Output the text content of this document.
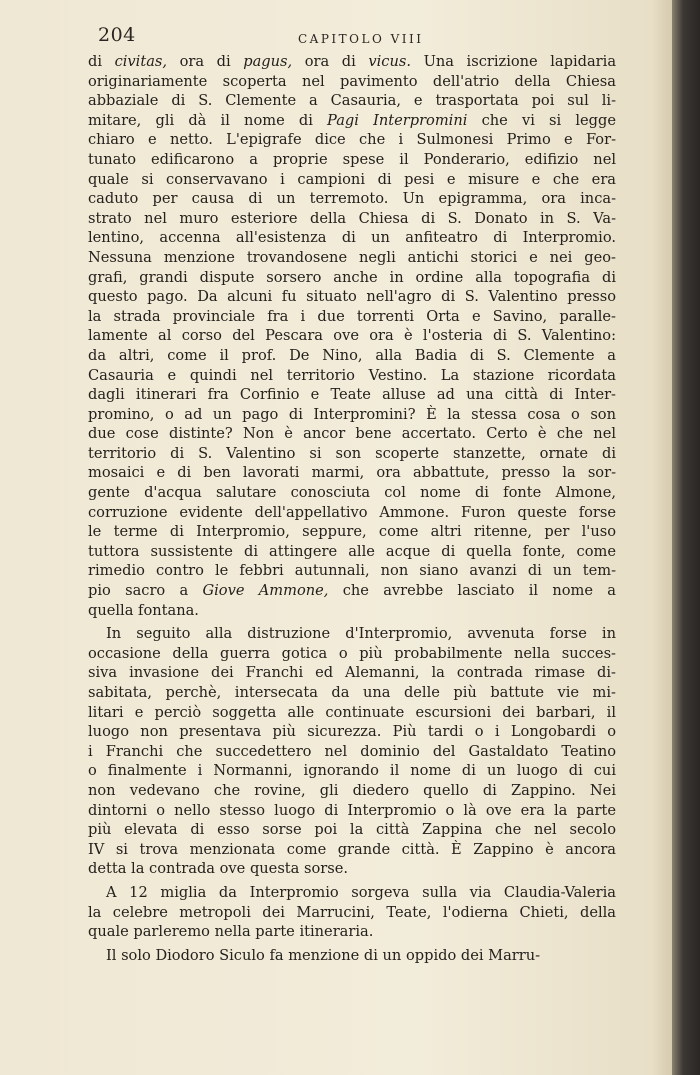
204	CAPITOLO VIII
di civitas, ora di pagus, ora di vicus. Una iscrizione lapidaria
originariamente scoperta nel pavimento dell'atrio della Chiesa
abbaziale di S. Clemente a Casauria, e trasportata poi sul li-
mitare, gli dà il nome di Pagi Interpromini che vi si legge
chiaro e netto. L'epigrafe dice che i Sulmonesi Primo e For-
tunato edificarono a proprie spese il Ponderario, edifizio nel
quale si conservavano i campioni di pesi e misure e che era
caduto per causa di un terremoto. Un epigramma, ora inca-
strato nel muro esteriore della Chiesa di S. Donato in S. Va-
lentino, accenna all'esistenza di un anfiteatro di Interpromio.
Nessuna menzione trovandosene negli antichi storici e nei geo-
grafi, grandi dispute sorsero anche in ordine alla topografia di
questo pago. Da alcuni fu situato nell'agro di S. Valentino presso
la strada provinciale fra i due torrenti Orta e Savino, paralle-
lamente al corso del Pescara ove ora è l'osteria di S. Valentino:
da altri, come il prof. De Nino, alla Badia di S. Clemente a
Casauria e quindi nel territorio Vestino. La stazione ricordata
dagli itinerari fra Corfinio e Teate alluse ad una città di Inter-
promino, o ad un pago di Interpromini? È la stessa cosa o son
due cose distinte? Non è ancor bene accertato. Certo è che nel
territorio di S. Valentino si son scoperte stanzette, ornate di
mosaici e di ben lavorati marmi, ora abbattute, presso la sor-
gente d'acqua salutare conosciuta col nome di fonte Almone,
corruzione evidente dell'appellativo Ammone. Furon queste forse
le terme di Interpromio, seppure, come altri ritenne, per l'uso
tuttora sussistente di attingere alle acque di quella fonte, come
rimedio contro le febbri autunnali, non siano avanzi di un tem-
pio sacro a Giove Ammone, che avrebbe lasciato il nome a
quella fontana.
In seguito alla distruzione d'Interpromio, avvenuta forse in
occasione della guerra gotica o più probabilmente nella succes-
siva invasione dei Franchi ed Alemanni, la contrada rimase di-
sabitata, perchè, intersecata da una delle più battute vie mi-
litari e perciò soggetta alle continuate escursioni dei barbari, il
luogo non presentava più sicurezza. Più tardi o i Longobardi o
i Franchi che succedettero nel dominio del Gastaldato Teatino
o finalmente i Normanni, ignorando il nome di un luogo di cui
non vedevano che rovine, gli diedero quello di Zappino. Nei
dintorni o nello stesso luogo di Interpromio o là ove era la parte
più elevata di esso sorse poi la città Zappina che nel secolo
IV si trova menzionata come grande città. È Zappino è ancora
detta la contrada ove questa sorse.
A 12 miglia da Interpromio sorgeva sulla via Claudia-Valeria
la celebre metropoli dei Marrucini, Teate, l'odierna Chieti, della
quale parleremo nella parte itineraria.
Il solo Diodoro Siculo fa menzione di un oppido dei Marru-
